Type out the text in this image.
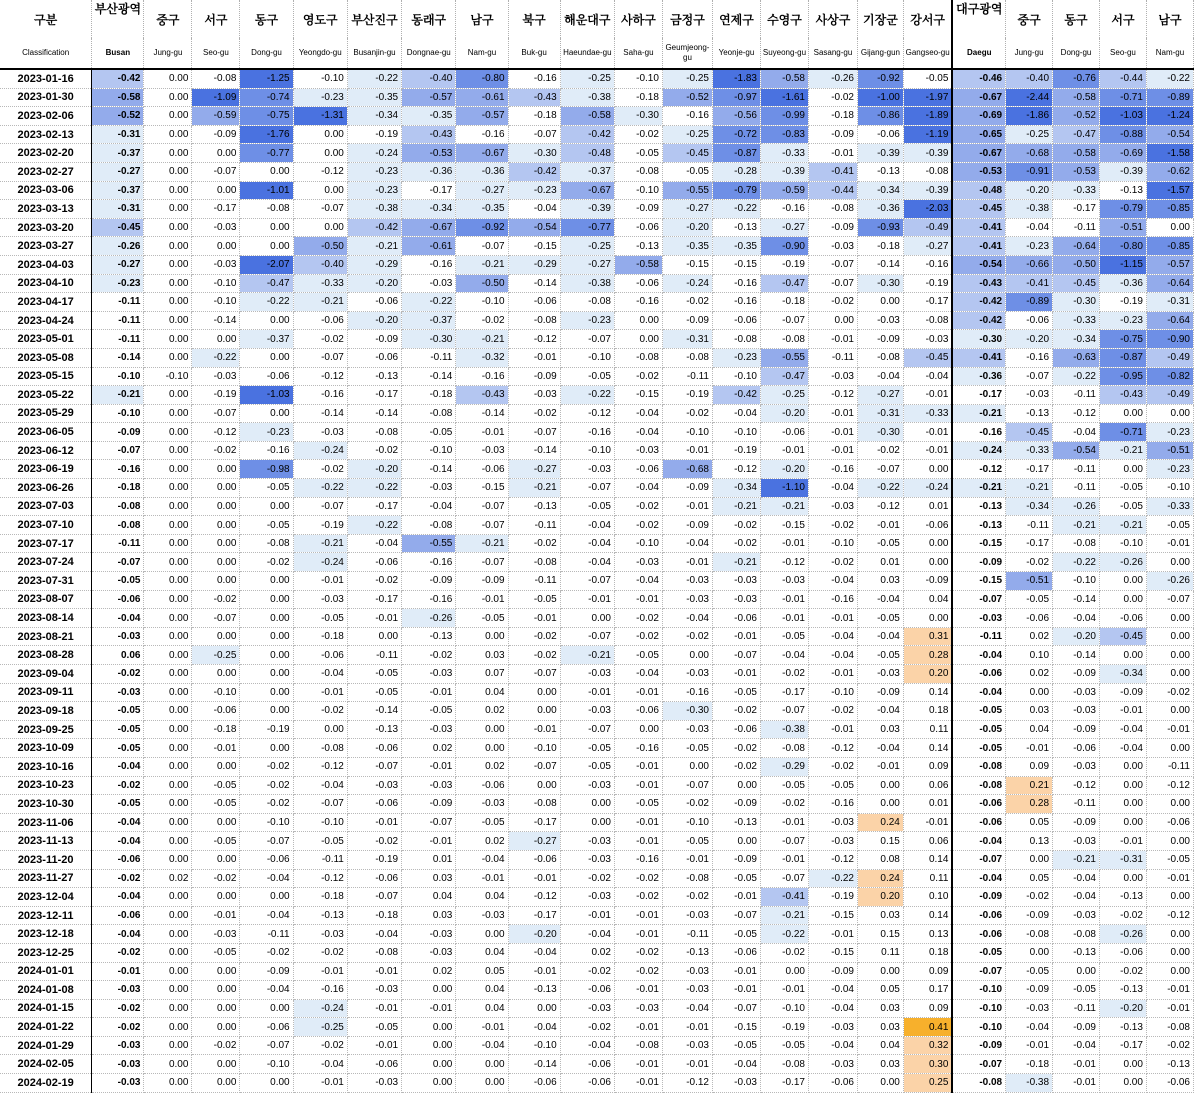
구분	부산광역	중구	서구	동구	영도구	부산진구	동래구	남구	북구	해운대구	사하구	금정구	연제구	수영구	사상구	기장군	강서구	대구광역	중구	동구	서구	남구
Classification	Busan	Jung-gu	Seo-gu	Dong-gu	Yeongdo-gu	Busanjin-gu	Dongnae-gu	Nam-gu	Buk-gu	Haeundae-gu	Saha-gu	Geumjeong-gu	Yeonje-gu	Suyeong-gu	Sasang-gu	Gijang-gun	Gangseo-gu	Daegu	Jung-gu	Dong-gu	Seo-gu	Nam-gu
2023-01-16	-0.42	0.00	-0.08	-1.25	-0.10	-0.22	-0.40	-0.80	-0.16	-0.25	-0.10	-0.25	-1.83	-0.58	-0.26	-0.92	-0.05	-0.46	-0.40	-0.76	-0.44	-0.22
2023-01-30	-0.58	0.00	-1.09	-0.74	-0.23	-0.35	-0.57	-0.61	-0.43	-0.38	-0.18	-0.52	-0.97	-1.61	-0.02	-1.00	-1.97	-0.67	-2.44	-0.58	-0.71	-0.89
2023-02-06	-0.52	0.00	-0.59	-0.75	-1.31	-0.34	-0.35	-0.57	-0.18	-0.58	-0.30	-0.16	-0.56	-0.99	-0.18	-0.86	-1.89	-0.69	-1.86	-0.52	-1.03	-1.24
2023-02-13	-0.31	0.00	-0.09	-1.76	0.00	-0.19	-0.43	-0.16	-0.07	-0.42	-0.02	-0.25	-0.72	-0.83	-0.09	-0.06	-1.19	-0.65	-0.25	-0.47	-0.88	-0.54
2023-02-20	-0.37	0.00	0.00	-0.77	0.00	-0.24	-0.53	-0.67	-0.30	-0.48	-0.05	-0.45	-0.87	-0.33	-0.01	-0.39	-0.39	-0.67	-0.68	-0.58	-0.69	-1.58
2023-02-27	-0.27	0.00	-0.07	0.00	-0.12	-0.23	-0.36	-0.36	-0.42	-0.37	-0.08	-0.05	-0.28	-0.39	-0.41	-0.13	-0.08	-0.53	-0.91	-0.53	-0.39	-0.62
2023-03-06	-0.37	0.00	0.00	-1.01	0.00	-0.23	-0.17	-0.27	-0.23	-0.67	-0.10	-0.55	-0.79	-0.59	-0.44	-0.34	-0.39	-0.48	-0.20	-0.33	-0.13	-1.57
2023-03-13	-0.31	0.00	-0.17	-0.08	-0.07	-0.38	-0.34	-0.35	-0.04	-0.39	-0.09	-0.27	-0.22	-0.16	-0.08	-0.36	-2.03	-0.45	-0.38	-0.17	-0.79	-0.85
2023-03-20	-0.45	0.00	-0.03	0.00	0.00	-0.42	-0.67	-0.92	-0.54	-0.77	-0.06	-0.20	-0.13	-0.27	-0.09	-0.93	-0.49	-0.41	-0.04	-0.11	-0.51	0.00
2023-03-27	-0.26	0.00	0.00	0.00	-0.50	-0.21	-0.61	-0.07	-0.15	-0.25	-0.13	-0.35	-0.35	-0.90	-0.03	-0.18	-0.27	-0.41	-0.23	-0.64	-0.80	-0.85
2023-04-03	-0.27	0.00	-0.03	-2.07	-0.40	-0.29	-0.16	-0.21	-0.29	-0.27	-0.58	-0.15	-0.15	-0.19	-0.07	-0.14	-0.16	-0.54	-0.66	-0.50	-1.15	-0.57
2023-04-10	-0.23	0.00	-0.10	-0.47	-0.33	-0.20	-0.03	-0.50	-0.14	-0.38	-0.06	-0.24	-0.16	-0.47	-0.07	-0.30	-0.19	-0.43	-0.41	-0.45	-0.36	-0.64
2023-04-17	-0.11	0.00	-0.10	-0.22	-0.21	-0.06	-0.22	-0.10	-0.06	-0.08	-0.16	-0.02	-0.16	-0.18	-0.02	0.00	-0.17	-0.42	-0.89	-0.30	-0.19	-0.31
2023-04-24	-0.11	0.00	-0.14	0.00	-0.06	-0.20	-0.37	-0.02	-0.08	-0.23	0.00	-0.09	-0.06	-0.07	0.00	-0.03	-0.08	-0.42	-0.06	-0.33	-0.23	-0.64
2023-05-01	-0.11	0.00	0.00	-0.37	-0.02	-0.09	-0.30	-0.21	-0.12	-0.07	0.00	-0.31	-0.08	-0.08	-0.01	-0.09	-0.03	-0.30	-0.20	-0.34	-0.75	-0.90
2023-05-08	-0.14	0.00	-0.22	0.00	-0.07	-0.06	-0.11	-0.32	-0.01	-0.10	-0.08	-0.08	-0.23	-0.55	-0.11	-0.08	-0.45	-0.41	-0.16	-0.63	-0.87	-0.49
2023-05-15	-0.10	-0.10	-0.03	-0.06	-0.12	-0.13	-0.14	-0.16	-0.09	-0.05	-0.02	-0.11	-0.10	-0.47	-0.03	-0.04	-0.04	-0.36	-0.07	-0.22	-0.95	-0.82
2023-05-22	-0.21	0.00	-0.19	-1.03	-0.16	-0.17	-0.18	-0.43	-0.03	-0.22	-0.15	-0.19	-0.42	-0.25	-0.12	-0.27	-0.01	-0.17	-0.03	-0.11	-0.43	-0.49
2023-05-29	-0.10	0.00	-0.07	0.00	-0.14	-0.14	-0.08	-0.14	-0.02	-0.12	-0.04	-0.02	-0.04	-0.20	-0.01	-0.31	-0.33	-0.21	-0.13	-0.12	0.00	0.00
2023-06-05	-0.09	0.00	-0.12	-0.23	-0.03	-0.08	-0.05	-0.01	-0.07	-0.16	-0.04	-0.10	-0.10	-0.06	-0.01	-0.30	-0.01	-0.16	-0.45	-0.04	-0.71	-0.23
2023-06-12	-0.07	0.00	-0.02	-0.16	-0.24	-0.02	-0.10	-0.03	-0.14	-0.10	-0.03	-0.01	-0.19	-0.01	-0.01	-0.02	-0.01	-0.24	-0.33	-0.54	-0.21	-0.51
2023-06-19	-0.16	0.00	0.00	-0.98	-0.02	-0.20	-0.14	-0.06	-0.27	-0.03	-0.06	-0.68	-0.12	-0.20	-0.16	-0.07	0.00	-0.12	-0.17	-0.11	0.00	-0.23
2023-06-26	-0.18	0.00	0.00	-0.05	-0.22	-0.22	-0.03	-0.15	-0.21	-0.07	-0.04	-0.09	-0.34	-1.10	-0.04	-0.22	-0.24	-0.21	-0.21	-0.11	-0.05	-0.10
2023-07-03	-0.08	0.00	0.00	0.00	-0.07	-0.17	-0.04	-0.07	-0.13	-0.05	-0.02	-0.01	-0.21	-0.21	-0.03	-0.12	0.01	-0.13	-0.34	-0.26	-0.05	-0.33
2023-07-10	-0.08	0.00	0.00	-0.05	-0.19	-0.22	-0.08	-0.07	-0.11	-0.04	-0.02	-0.09	-0.02	-0.15	-0.02	-0.01	-0.06	-0.13	-0.11	-0.21	-0.21	-0.05
2023-07-17	-0.11	0.00	0.00	-0.08	-0.21	-0.04	-0.55	-0.21	-0.02	-0.04	-0.10	-0.04	-0.02	-0.01	-0.10	-0.05	0.00	-0.15	-0.17	-0.08	-0.10	-0.01
2023-07-24	-0.07	0.00	0.00	-0.02	-0.24	-0.06	-0.16	-0.07	-0.08	-0.04	-0.03	-0.01	-0.21	-0.12	-0.02	0.01	0.00	-0.09	-0.02	-0.22	-0.26	0.00
2023-07-31	-0.05	0.00	0.00	0.00	-0.01	-0.02	-0.09	-0.09	-0.11	-0.07	-0.04	-0.03	-0.03	-0.03	-0.04	0.03	-0.09	-0.15	-0.51	-0.10	0.00	-0.26
2023-08-07	-0.06	0.00	-0.02	0.00	-0.03	-0.17	-0.16	-0.01	-0.05	-0.01	-0.01	-0.03	-0.03	-0.01	-0.16	-0.04	0.04	-0.07	-0.05	-0.14	0.00	-0.07
2023-08-14	-0.04	0.00	-0.07	0.00	-0.05	-0.01	-0.26	-0.05	-0.01	0.00	-0.02	-0.04	-0.06	-0.01	-0.01	-0.05	0.00	-0.03	-0.06	-0.04	-0.06	0.00
2023-08-21	-0.03	0.00	0.00	0.00	-0.18	0.00	-0.13	0.00	-0.02	-0.07	-0.02	-0.02	-0.01	-0.05	-0.04	-0.04	0.31	-0.11	0.02	-0.20	-0.45	0.00
2023-08-28	0.06	0.00	-0.25	0.00	-0.06	-0.11	-0.02	0.03	-0.02	-0.21	-0.05	0.00	-0.07	-0.04	-0.04	-0.05	0.28	-0.04	0.10	-0.14	0.00	0.00
2023-09-04	-0.02	0.00	0.00	0.00	-0.04	-0.05	-0.03	0.07	-0.07	-0.03	-0.04	-0.03	-0.01	-0.02	-0.01	-0.03	0.20	-0.06	0.02	-0.09	-0.34	0.00
2023-09-11	-0.03	0.00	-0.10	0.00	-0.01	-0.05	-0.01	0.04	0.00	-0.01	-0.01	-0.16	-0.05	-0.17	-0.10	-0.09	0.14	-0.04	0.00	-0.03	-0.09	-0.02
2023-09-18	-0.05	0.00	-0.06	0.00	-0.02	-0.14	-0.05	0.02	0.00	-0.03	-0.06	-0.30	-0.02	-0.07	-0.02	-0.04	0.18	-0.05	0.03	-0.03	-0.01	0.00
2023-09-25	-0.05	0.00	-0.18	-0.19	0.00	-0.13	-0.03	0.00	-0.01	-0.07	0.00	-0.03	-0.06	-0.38	-0.01	0.03	0.11	-0.05	0.04	-0.09	-0.04	-0.01
2023-10-09	-0.05	0.00	-0.01	0.00	-0.08	-0.06	0.02	0.00	-0.10	-0.05	-0.16	-0.05	-0.02	-0.08	-0.12	-0.04	0.14	-0.05	-0.01	-0.06	-0.04	0.00
2023-10-16	-0.04	0.00	0.00	-0.02	-0.12	-0.07	-0.01	0.02	-0.07	-0.05	-0.01	0.00	-0.02	-0.29	-0.02	-0.01	0.09	-0.08	0.09	-0.03	0.00	-0.11
2023-10-23	-0.02	0.00	-0.05	-0.02	-0.04	-0.03	-0.03	-0.06	0.00	-0.03	-0.01	-0.07	0.00	-0.05	-0.05	0.00	0.06	-0.08	0.21	-0.12	0.00	-0.12
2023-10-30	-0.05	0.00	-0.05	-0.02	-0.07	-0.06	-0.09	-0.03	-0.08	0.00	-0.05	-0.02	-0.09	-0.02	-0.16	0.00	0.01	-0.06	0.28	-0.11	0.00	0.00
2023-11-06	-0.04	0.00	0.00	-0.10	-0.10	-0.01	-0.07	-0.05	-0.17	0.00	-0.01	-0.10	-0.13	-0.01	-0.03	0.24	-0.01	-0.06	0.05	-0.09	0.00	-0.06
2023-11-13	-0.04	0.00	-0.05	-0.07	-0.05	-0.02	-0.01	0.02	-0.27	-0.03	-0.01	-0.05	0.00	-0.07	-0.03	0.15	0.06	-0.04	0.13	-0.03	-0.01	0.00
2023-11-20	-0.06	0.00	0.00	-0.06	-0.11	-0.19	0.01	-0.04	-0.06	-0.03	-0.16	-0.01	-0.09	-0.01	-0.12	0.08	0.14	-0.07	0.00	-0.21	-0.31	-0.05
2023-11-27	-0.02	0.02	-0.02	-0.04	-0.12	-0.06	0.03	-0.01	-0.01	-0.02	-0.02	-0.08	-0.05	-0.07	-0.22	0.24	0.11	-0.04	0.05	-0.04	0.00	-0.01
2023-12-04	-0.04	0.00	0.00	0.00	-0.18	-0.07	0.04	0.04	-0.12	-0.03	-0.02	-0.02	-0.01	-0.41	-0.19	0.20	0.10	-0.09	-0.02	-0.04	-0.13	0.00
2023-12-11	-0.06	0.00	-0.01	-0.04	-0.13	-0.18	0.03	-0.03	-0.17	-0.01	-0.01	-0.03	-0.07	-0.21	-0.15	0.03	0.14	-0.06	-0.09	-0.03	-0.02	-0.12
2023-12-18	-0.04	0.00	-0.03	-0.11	-0.03	-0.04	-0.03	0.00	-0.20	-0.04	-0.01	-0.11	-0.05	-0.22	-0.01	0.15	0.13	-0.06	-0.08	-0.08	-0.26	0.00
2023-12-25	-0.02	0.00	-0.05	-0.02	-0.02	-0.08	-0.03	0.04	-0.04	0.02	-0.02	-0.13	-0.06	-0.02	-0.15	0.11	0.18	-0.05	0.00	-0.13	-0.06	0.00
2024-01-01	-0.01	0.00	0.00	-0.09	-0.01	-0.01	0.02	0.05	-0.01	-0.02	-0.02	-0.03	-0.01	0.00	-0.09	0.00	0.09	-0.07	-0.05	0.00	-0.02	0.00
2024-01-08	-0.03	0.00	0.00	-0.04	-0.16	-0.03	0.00	0.04	-0.13	-0.06	-0.01	-0.03	-0.01	-0.01	-0.04	0.05	0.17	-0.10	-0.09	-0.05	-0.13	-0.01
2024-01-15	-0.02	0.00	0.00	0.00	-0.24	-0.01	-0.01	0.04	0.00	-0.03	-0.03	-0.04	-0.07	-0.10	-0.04	0.03	0.09	-0.10	-0.03	-0.11	-0.20	-0.01
2024-01-22	-0.02	0.00	0.00	-0.06	-0.25	-0.05	0.00	-0.01	-0.04	-0.02	-0.01	-0.01	-0.15	-0.19	-0.03	0.03	0.41	-0.10	-0.04	-0.09	-0.13	-0.08
2024-01-29	-0.03	0.00	-0.02	-0.07	-0.02	-0.01	0.00	-0.04	-0.10	-0.04	-0.08	-0.03	-0.05	-0.05	-0.04	0.04	0.32	-0.09	-0.01	-0.04	-0.17	-0.02
2024-02-05	-0.03	0.00	0.00	-0.10	-0.04	-0.06	0.00	0.00	-0.14	-0.06	-0.01	-0.01	-0.04	-0.08	-0.03	0.03	0.30	-0.07	-0.18	-0.01	0.00	-0.13
2024-02-19	-0.03	0.00	0.00	0.00	-0.01	-0.03	0.00	0.00	-0.06	-0.06	-0.01	-0.12	-0.03	-0.17	-0.06	0.00	0.25	-0.08	-0.38	-0.01	0.00	-0.06
